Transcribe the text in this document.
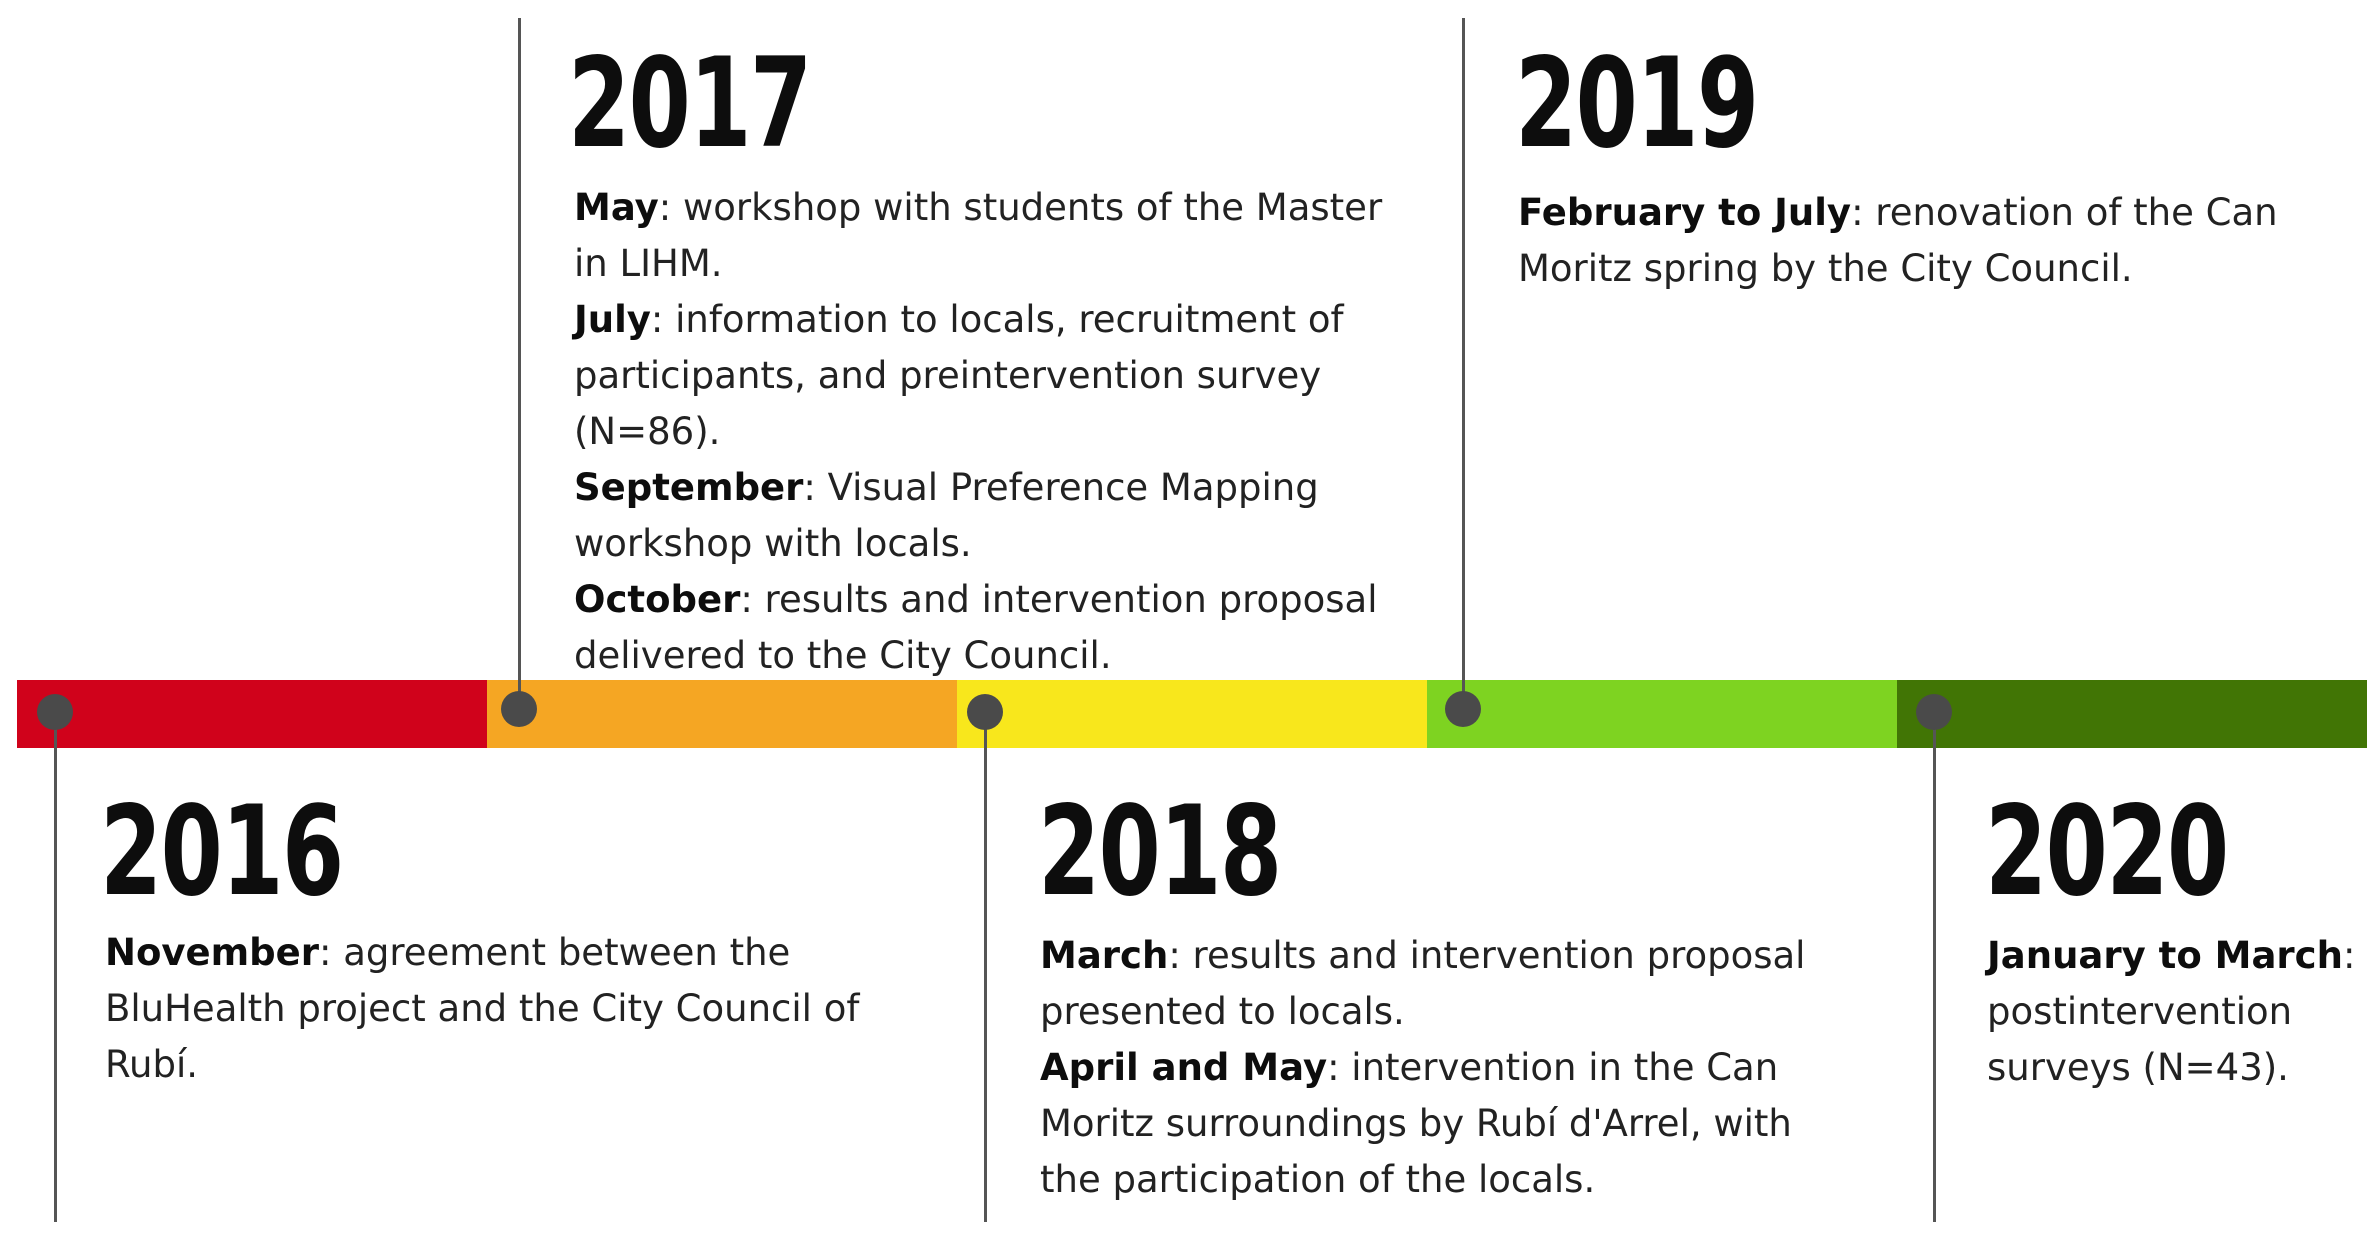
2016
November: agreement between the BluHealth project and the City Council of Rubí.
2017
May: workshop with students of the Master in LIHM.
July: information to locals, recruitment of participants, and preintervention survey (N=86).
September: Visual Preference Mapping workshop with locals.
October: results and intervention proposal delivered to the City Council.
2018
March: results and intervention proposal presented to locals.
April and May: intervention in the Can Moritz surroundings by Rubí d'Arrel, with the participation of the locals.
2019
February to July: renovation of the Can Moritz spring by the City Council.
2020
January to March: postintervention surveys (N=43).
